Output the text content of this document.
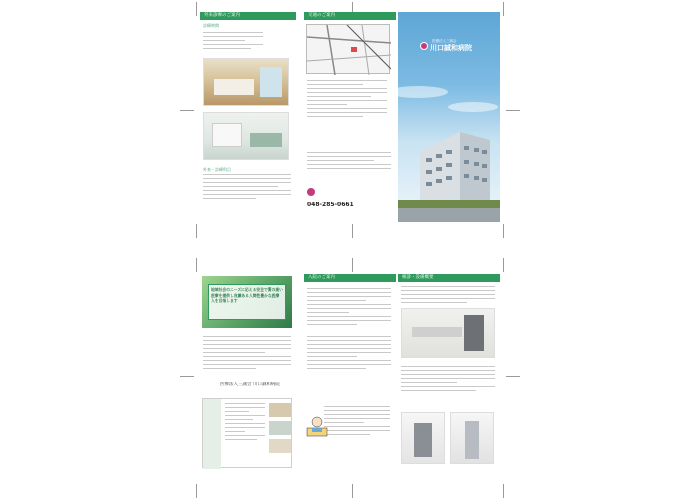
外来診療のご案内
診療時間
外来・診療科目
交通のご案内
048-285-0661
医療法人三誠会
川口誠和病院
地域社会のニーズに応える安全で質の高い医療を提供し良識ある人間性豊かな医療人を目指します
医療法人三誠会 川口誠和病院
入院のご案内	検診・設備概要
